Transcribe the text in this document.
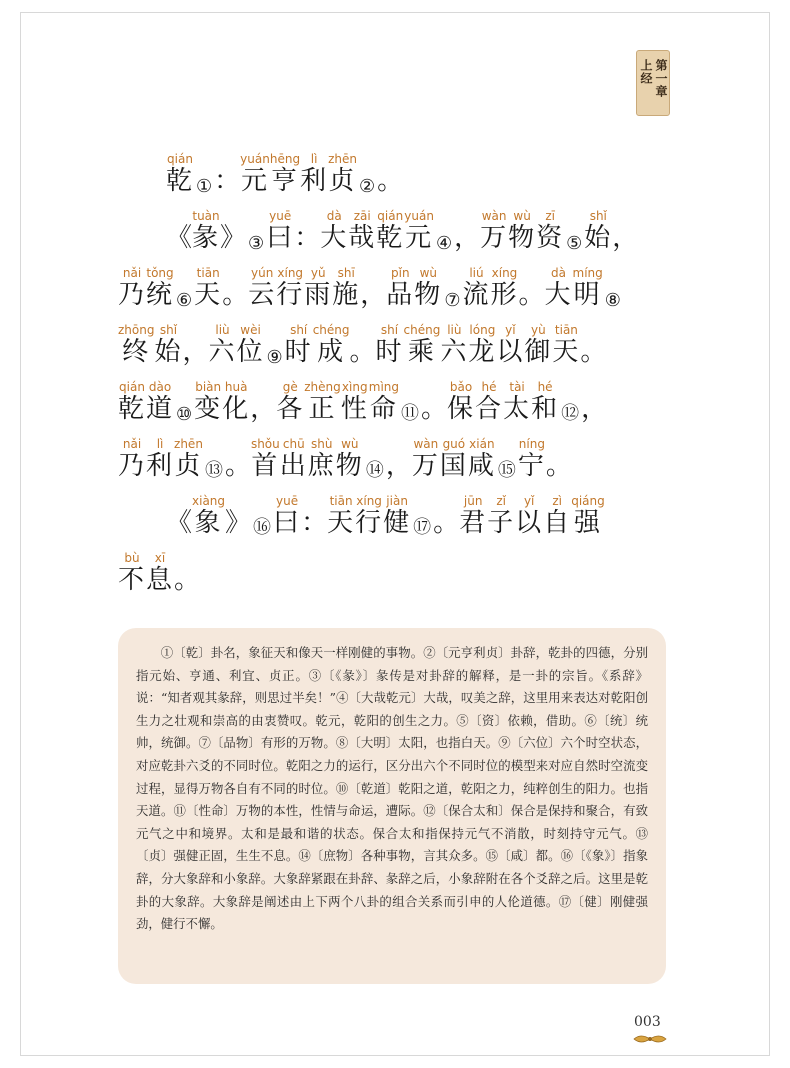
第一章
上经
乾qián
① ： 元yuán
亨hēng
利lì
贞zhēn
② 。
《 彖tuàn
》 ③ 曰yuē
： 大dà
哉zāi
乾qián
元yuán
④ ， 万wàn
物wù
资zī
⑤ 始shǐ
，
乃nǎi
统tǒng
⑥ 天tiān
。 云yún
行xíng
雨yǔ
施shī
， 品pǐn
物wù
⑦ 流liú
形xíng
。 大dà
明míng
⑧
终zhōng
始shǐ
， 六liù
位wèi
⑨ 时shí
成chéng
。 时shí
乘chéng
六liù
龙lóng
以yǐ
御yù
天tiān
。
乾qián
道dào
⑩ 变biàn
化huà
， 各gè
正zhèng
性xìng
命mìng
⑪ 。 保bǎo
合hé
太tài
和hé
⑫ ，
乃nǎi
利lì
贞zhēn
⑬ 。 首shǒu
出chū
庶shù
物wù
⑭ ， 万wàn
国guó
咸xián
⑮ 宁níng
。
《 象xiàng
》 ⑯ 曰yuē
： 天tiān
行xíng
健jiàn
⑰ 。 君jūn
子zǐ
以yǐ
自zì
强qiáng
不bù
息xī
。
①〔乾〕卦名，象征天和像天一样刚健的事物。②〔元亨利贞〕卦辞，乾卦的四德，分别指元始、亨通、利宜、贞正。③〔《彖》〕彖传是对卦辞的解释，是一卦的宗旨。《系辞》说：“知者观其彖辞，则思过半矣！”④〔大哉乾元〕大哉，叹美之辞，这里用来表达对乾阳创生力之壮观和崇高的由衷赞叹。乾元，乾阳的创生之力。⑤〔资〕依赖，借助。⑥〔统〕统帅，统御。⑦〔品物〕有形的万物。⑧〔大明〕太阳，也指白天。⑨〔六位〕六个时空状态，对应乾卦六爻的不同时位。乾阳之力的运行，区分出六个不同时位的模型来对应自然时空流变过程，显得万物各自有不同的时位。⑩〔乾道〕乾阳之道，乾阳之力，纯粹创生的阳力。也指天道。⑪〔性命〕万物的本性，性情与命运，遭际。⑫〔保合太和〕保合是保持和聚合，有致元气之中和境界。太和是最和谐的状态。保合太和指保持元气不消散，时刻持守元气。⑬〔贞〕强健正固，生生不息。⑭〔庶物〕各种事物，言其众多。⑮〔咸〕都。⑯〔《象》〕指象辞，分大象辞和小象辞。大象辞紧跟在卦辞、彖辞之后，小象辞附在各个爻辞之后。这里是乾卦的大象辞。大象辞是阐述由上下两个八卦的组合关系而引申的人伦道德。⑰〔健〕刚健强劲，健行不懈。
003
